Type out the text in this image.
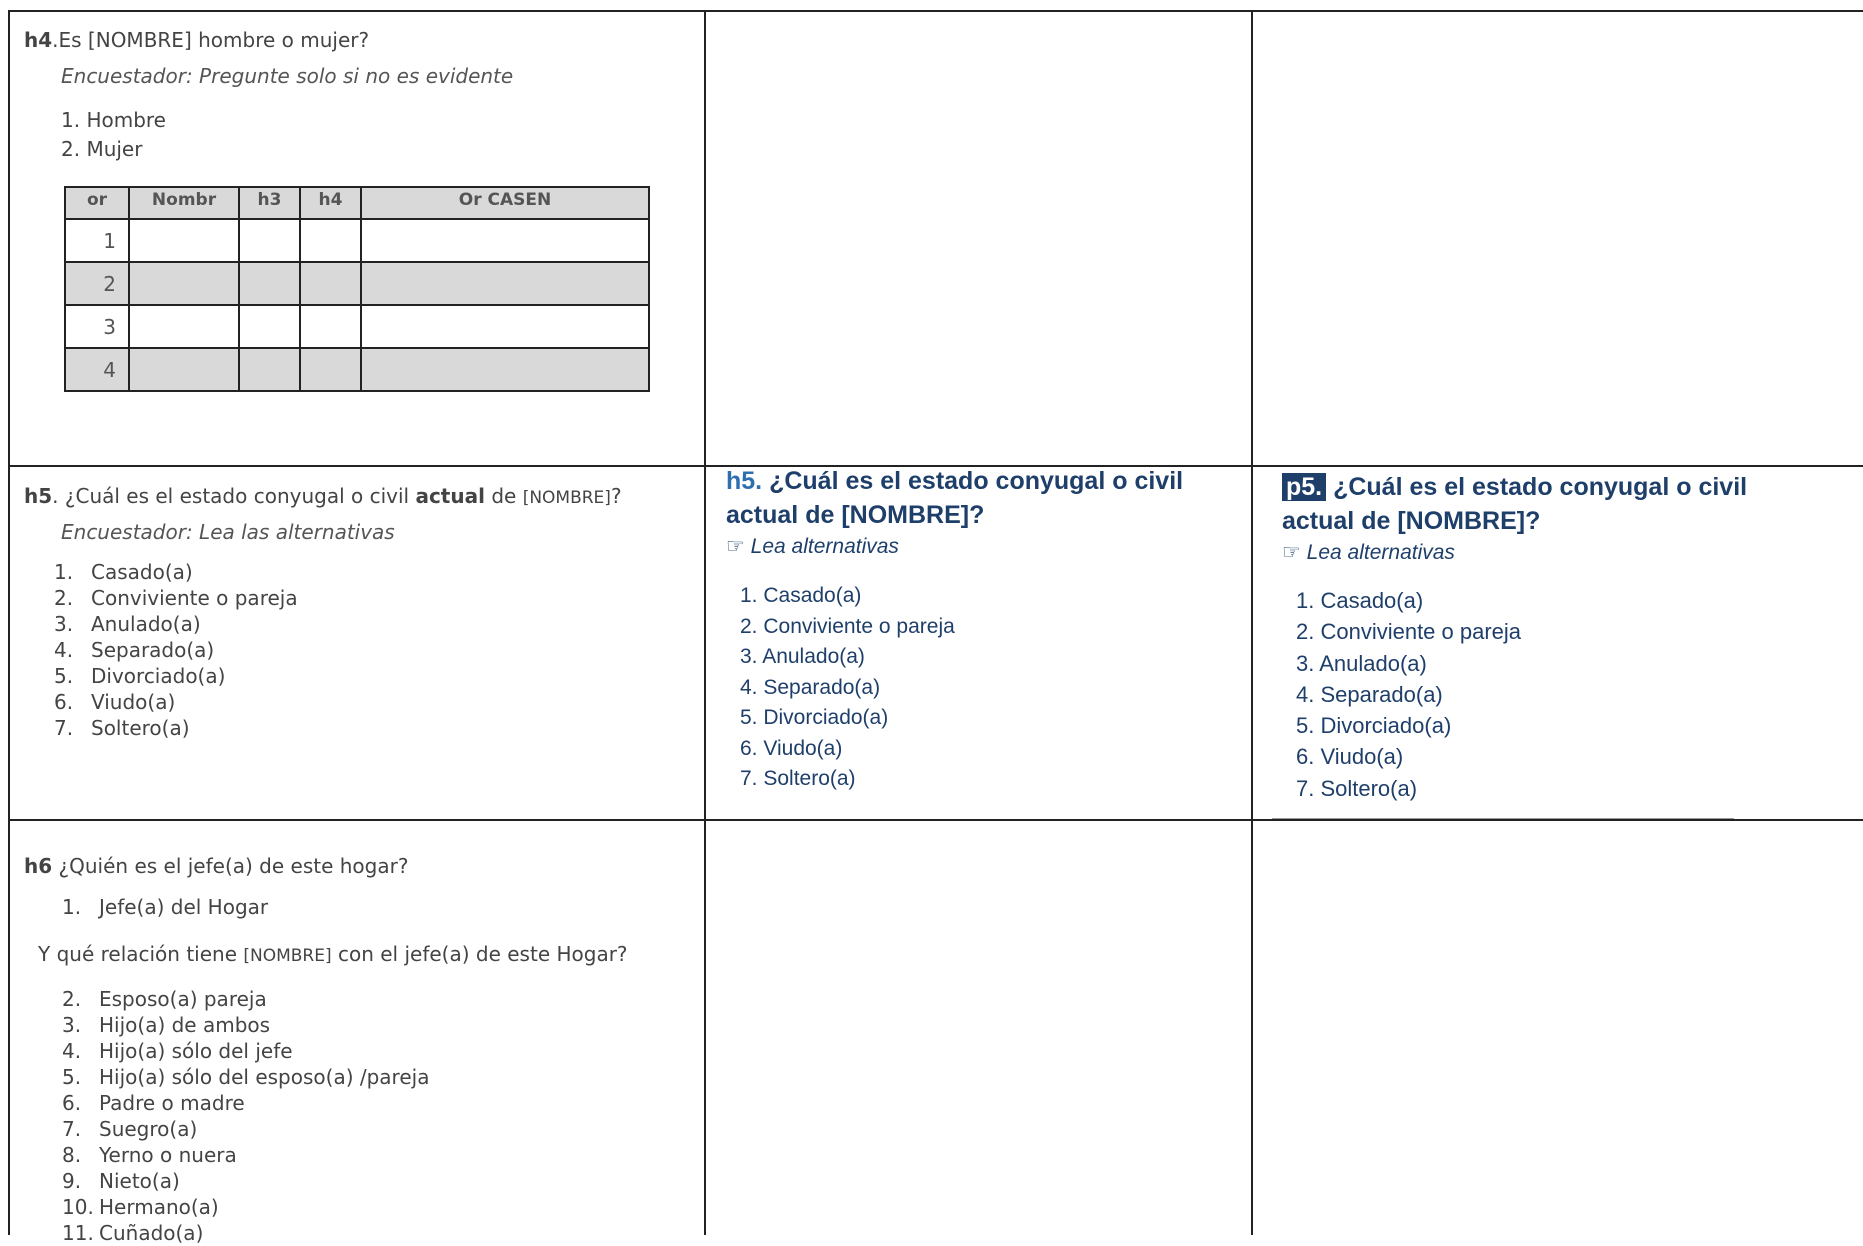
h4.Es [NOMBRE] hombre o mujer?
Encuestador: Pregunte solo si no es evidente
1. Hombre
2. Mujer
or	Nombr	h3	h4	Or CASEN
1				
2				
3				
4				
h5. ¿Cuál es el estado conyugal o civil actual de [NOMBRE]?
Encuestador: Lea las alternativas
1. Casado(a)
2. Conviviente o pareja
3. Anulado(a)
4. Separado(a)
5. Divorciado(a)
6. Viudo(a)
7. Soltero(a)
h5. ¿Cuál es el estado conyugal o civil
actual de [NOMBRE]?
☞ Lea alternativas
1. Casado(a)
2. Conviviente o pareja
3. Anulado(a)
4. Separado(a)
5. Divorciado(a)
6. Viudo(a)
7. Soltero(a)
p5. ¿Cuál es el estado conyugal o civil
actual de [NOMBRE]?
☞ Lea alternativas
1. Casado(a)
2. Conviviente o pareja
3. Anulado(a)
4. Separado(a)
5. Divorciado(a)
6. Viudo(a)
7. Soltero(a)
h6 ¿Quién es el jefe(a) de este hogar?
1. Jefe(a) del Hogar
Y qué relación tiene [NOMBRE] con el jefe(a) de este Hogar?
2. Esposo(a) pareja
3. Hijo(a) de ambos
4. Hijo(a) sólo del jefe
5. Hijo(a) sólo del esposo(a) /pareja
6. Padre o madre
7. Suegro(a)
8. Yerno o nuera
9. Nieto(a)
10. Hermano(a)
11. Cuñado(a)
